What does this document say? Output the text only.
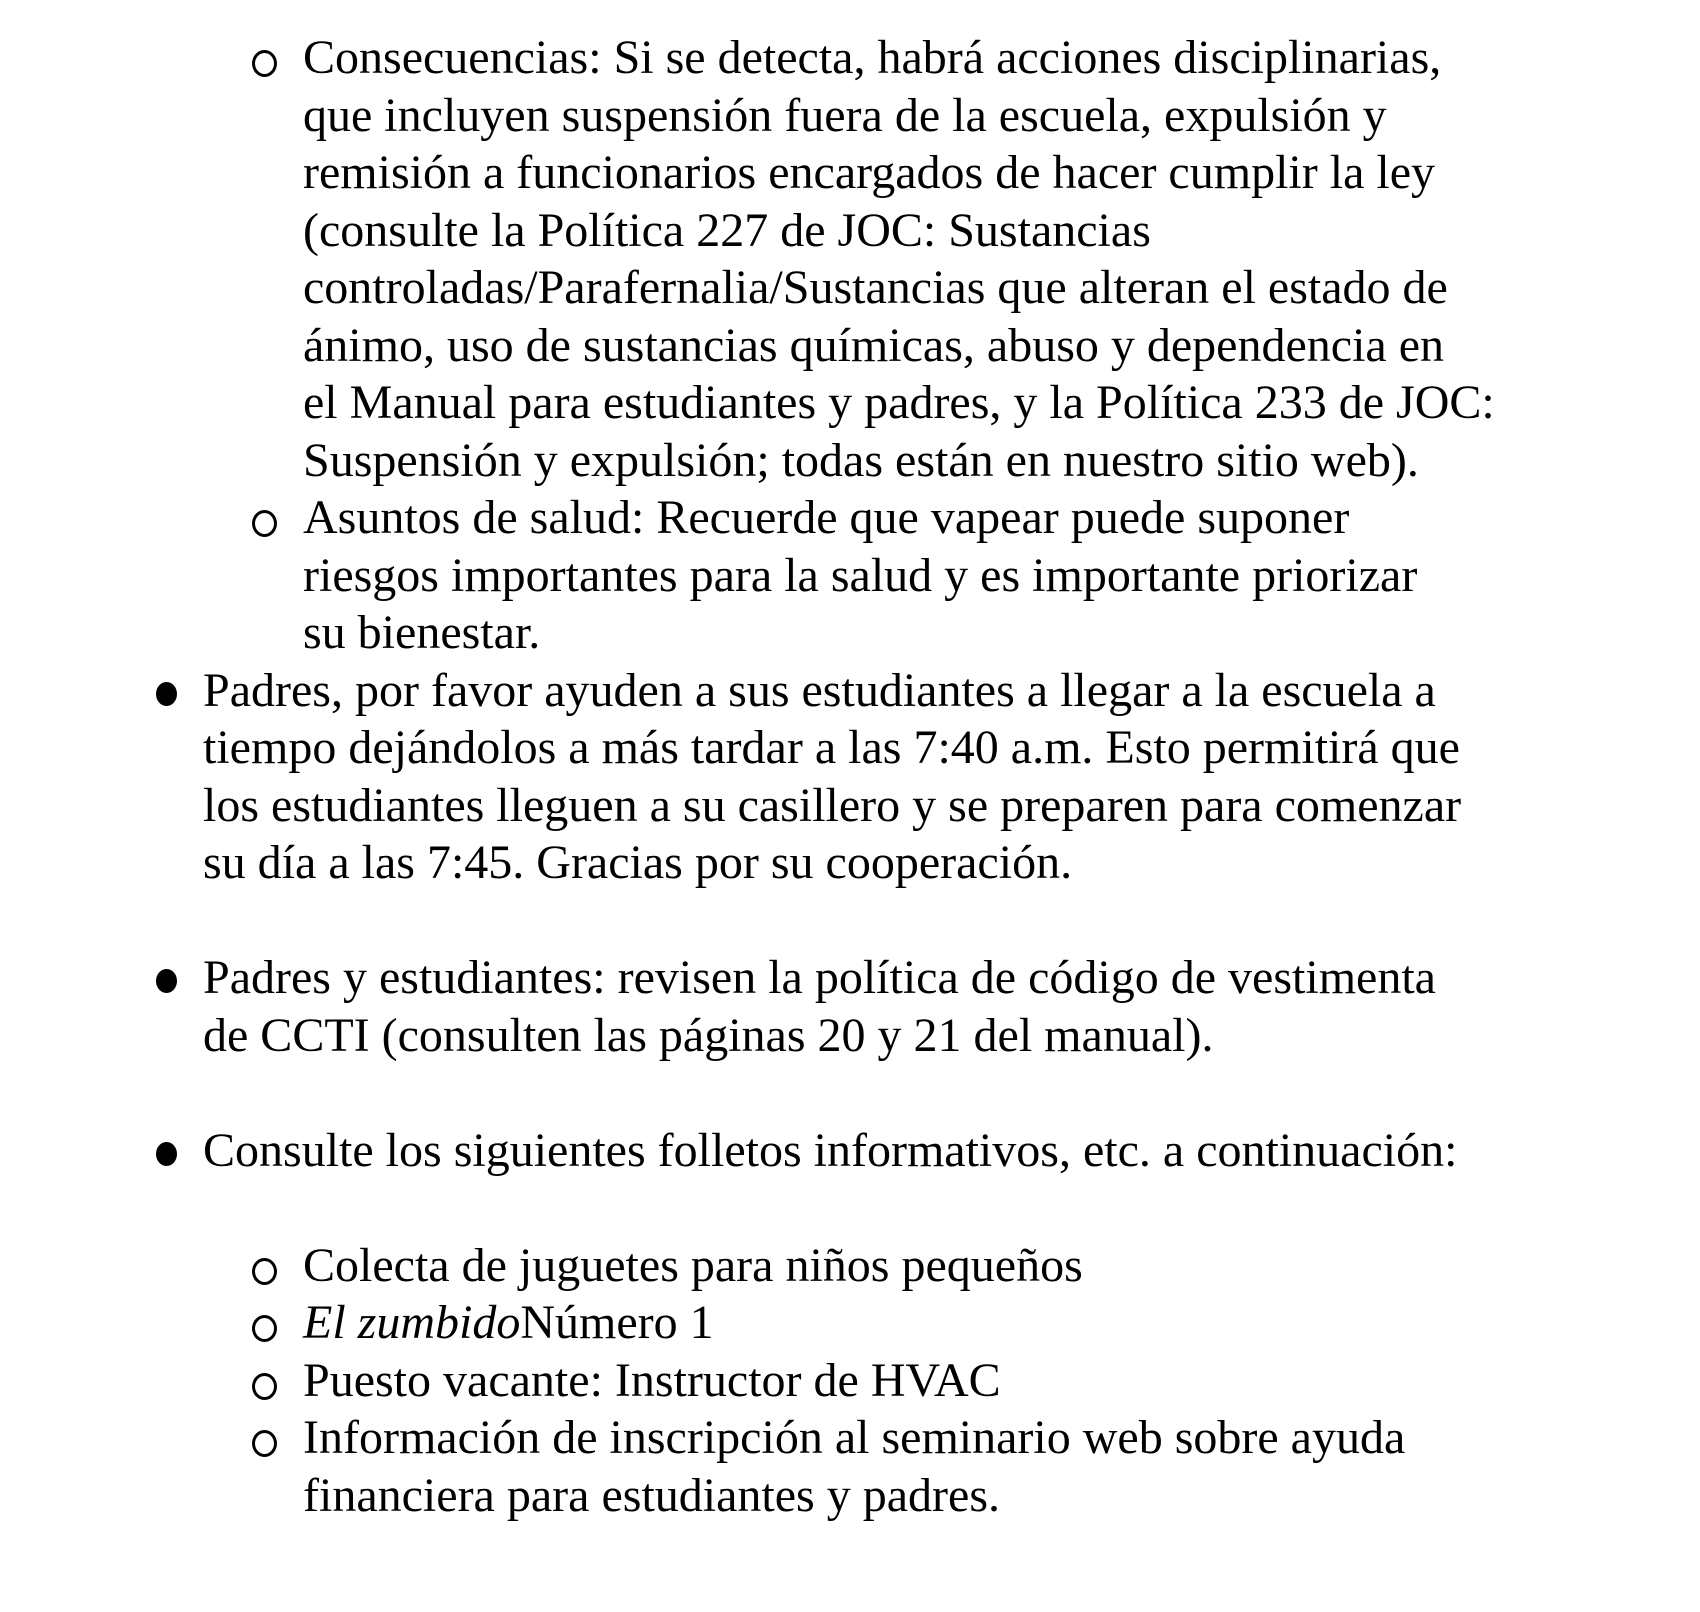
Consecuencias: Si se detecta, habrá acciones disciplinarias,
que incluyen suspensión fuera de la escuela, expulsión y
remisión a funcionarios encargados de hacer cumplir la ley
(consulte la Política 227 de JOC: Sustancias
controladas/Parafernalia/Sustancias que alteran el estado de
ánimo, uso de sustancias químicas, abuso y dependencia en
el Manual para estudiantes y padres, y la Política 233 de JOC:
Suspensión y expulsión; todas están en nuestro sitio web).
Asuntos de salud: Recuerde que vapear puede suponer
riesgos importantes para la salud y es importante priorizar
su bienestar.
Padres, por favor ayuden a sus estudiantes a llegar a la escuela a
tiempo dejándolos a más tardar a las 7:40 a.m. Esto permitirá que
los estudiantes lleguen a su casillero y se preparen para comenzar
su día a las 7:45. Gracias por su cooperación.
Padres y estudiantes: revisen la política de código de vestimenta
de CCTI (consulten las páginas 20 y 21 del manual).
Consulte los siguientes folletos informativos, etc. a continuación:
Colecta de juguetes para niños pequeños
El zumbidoNúmero 1
Puesto vacante: Instructor de HVAC
Información de inscripción al seminario web sobre ayuda
financiera para estudiantes y padres.
